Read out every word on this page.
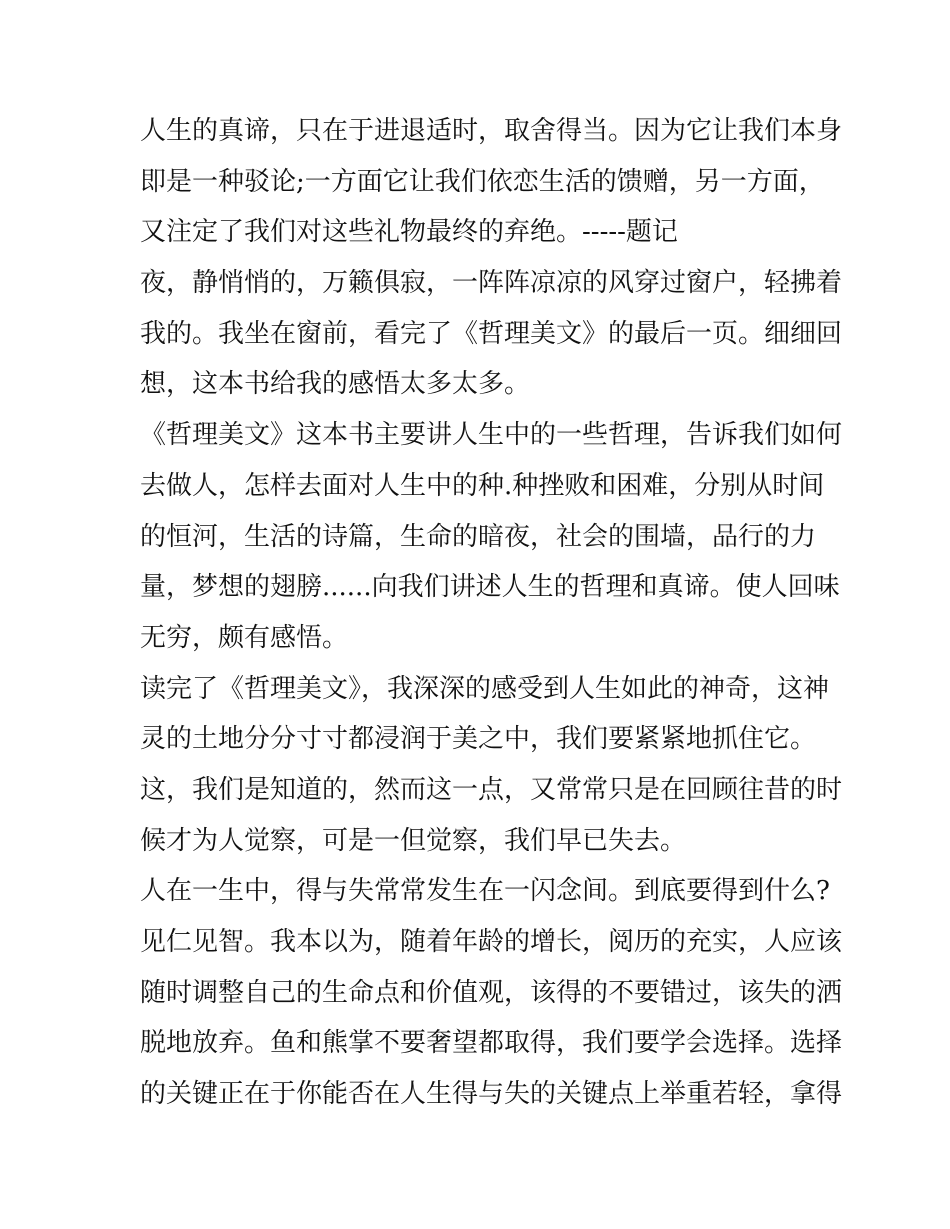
人生的真谛，只在于进退适时，取舍得当。因为它让我们本身
即是一种驳论;一方面它让我们依恋生活的馈赠，另一方面，
又注定了我们对这些礼物最终的弃绝。-----题记
夜，静悄悄的，万籁俱寂，一阵阵凉凉的风穿过窗户，轻拂着
我的。我坐在窗前，看完了《哲理美文》的最后一页。细细回
想，这本书给我的感悟太多太多。
《哲理美文》这本书主要讲人生中的一些哲理，告诉我们如何
去做人，怎样去面对人生中的种.种挫败和困难，分别从时间
的恒河，生活的诗篇，生命的暗夜，社会的围墙，品行的力
量，梦想的翅膀......向我们讲述人生的哲理和真谛。使人回味
无穷，颇有感悟。
读完了《哲理美文》，我深深的感受到人生如此的神奇，这神
灵的土地分分寸寸都浸润于美之中，我们要紧紧地抓住它。
这，我们是知道的，然而这一点，又常常只是在回顾往昔的时
候才为人觉察，可是一但觉察，我们早已失去。
人在一生中，得与失常常发生在一闪念间。到底要得到什么?
见仁见智。我本以为，随着年龄的增长，阅历的充实，人应该
随时调整自己的生命点和价值观，该得的不要错过，该失的洒
脱地放弃。鱼和熊掌不要奢望都取得，我们要学会选择。选择
的关键正在于你能否在人生得与失的关键点上举重若轻，拿得
